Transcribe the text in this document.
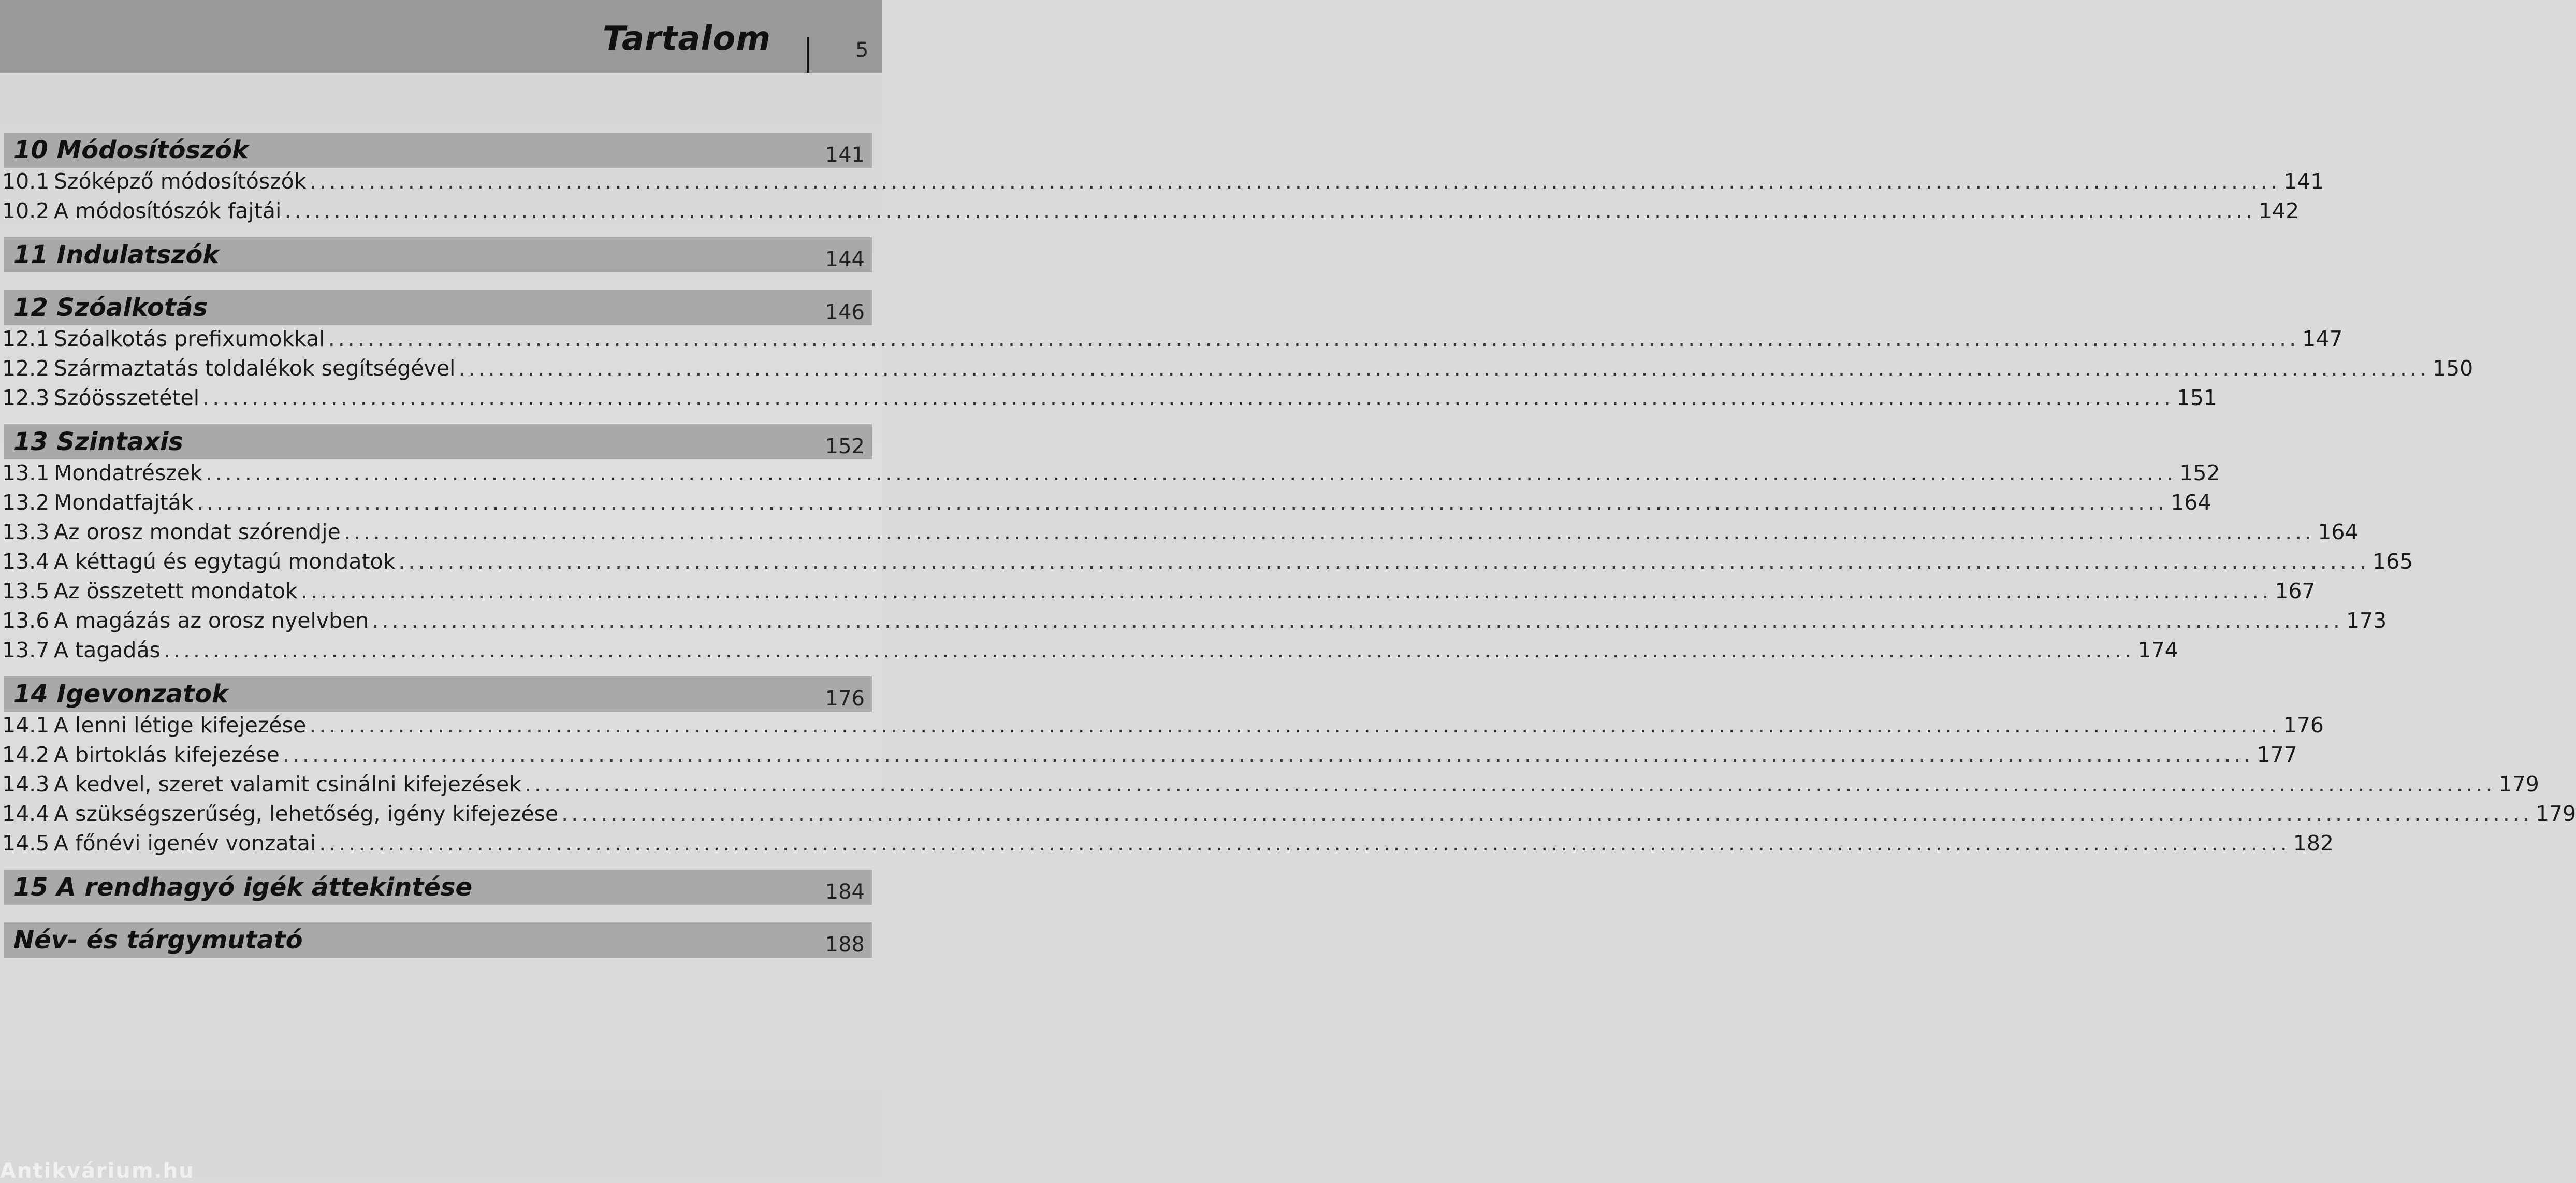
Tartalom	5
10 Módosítószók	141
10.1 Szóképző módosítószók ........................................................................................................................................................................................................ 141
10.2 A módosítószók fajtái ........................................................................................................................................................................................................ 142
11 Indulatszók	144
12 Szóalkotás	146
12.1 Szóalkotás prefixumokkal ........................................................................................................................................................................................................ 147
12.2 Származtatás toldalékok segítségével ........................................................................................................................................................................................................ 150
12.3 Szóösszetétel ........................................................................................................................................................................................................ 151
13 Szintaxis	152
13.1 Mondatrészek ........................................................................................................................................................................................................ 152
13.2 Mondatfajták ........................................................................................................................................................................................................ 164
13.3 Az orosz mondat szórendje ........................................................................................................................................................................................................ 164
13.4 A kéttagú és egytagú mondatok ........................................................................................................................................................................................................ 165
13.5 Az összetett mondatok ........................................................................................................................................................................................................ 167
13.6 A magázás az orosz nyelvben ........................................................................................................................................................................................................ 173
13.7 A tagadás ........................................................................................................................................................................................................ 174
14 Igevonzatok	176
14.1 A lenni létige kifejezése ........................................................................................................................................................................................................ 176
14.2 A birtoklás kifejezése ........................................................................................................................................................................................................ 177
14.3 A kedvel, szeret valamit csinálni kifejezések ........................................................................................................................................................................................................ 179
14.4 A szükségszerűség, lehetőség, igény kifejezése ........................................................................................................................................................................................................ 179
14.5 A főnévi igenév vonzatai ........................................................................................................................................................................................................ 182
15 A rendhagyó igék áttekintése	184
Név- és tárgymutató	188
Antikvárium.hu
